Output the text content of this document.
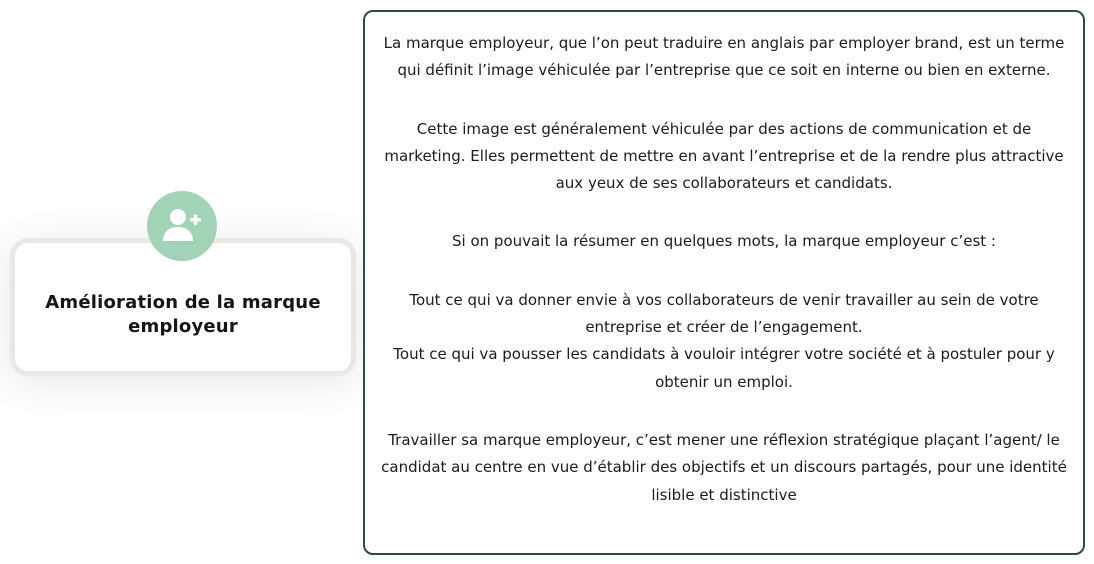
Amélioration de la marque employeur

La marque employeur, que l’on peut traduire en anglais par employer brand, est un terme qui définit l’image véhiculée par l’entreprise que ce soit en interne ou bien en externe.

Cette image est généralement véhiculée par des actions de communication et de marketing. Elles permettent de mettre en avant l’entreprise et de la rendre plus attractive aux yeux de ses collaborateurs et candidats.

Si on pouvait la résumer en quelques mots, la marque employeur c’est :

Tout ce qui va donner envie à vos collaborateurs de venir travailler au sein de votre entreprise et créer de l’engagement.

Tout ce qui va pousser les candidats à vouloir intégrer votre société et à postuler pour y obtenir un emploi.

Travailler sa marque employeur, c’est mener une réflexion stratégique plaçant l’agent/ le candidat au centre en vue d’établir des objectifs et un discours partagés, pour une identité lisible et distinctive
